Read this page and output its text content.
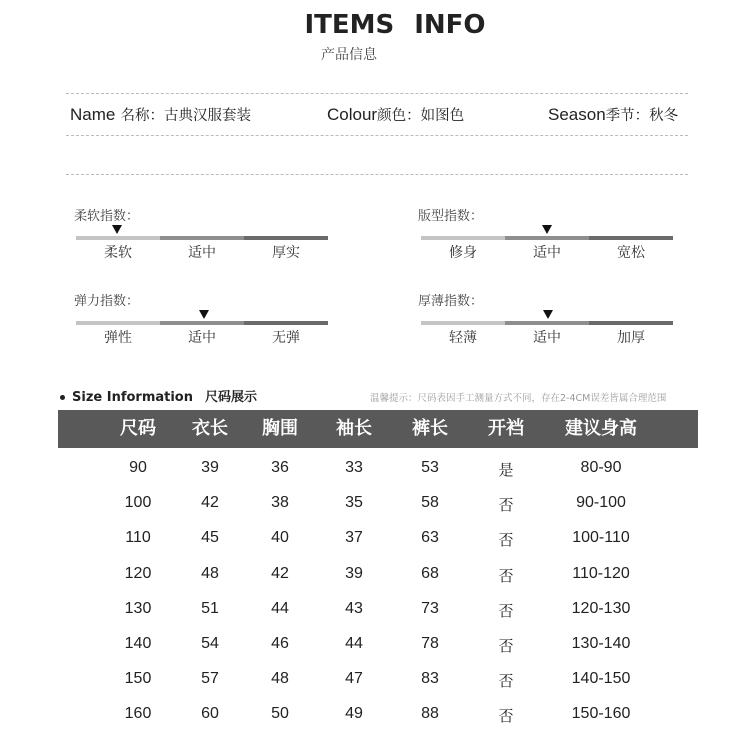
ITEMS INFO
产品信息
Name 名称：古典汉服套装	Colour颜色：如图色	Season季节：秋冬
柔软指数：
柔软	适中	厚实
版型指数：
修身	适中	宽松
弹力指数：
弹性	适中	无弹
厚薄指数：
轻薄	适中	加厚
Size Information 尺码展示	温馨提示：尺码表因手工测量方式不同，存在2-4CM误差皆属合理范围
尺码 衣长 胸围 袖长 裤长 开裆 建议身高
90	39	36	33	53	是	80-90
100	42	38	35	58	否	90-100
110	45	40	37	63	否	100-110
120	48	42	39	68	否	110-120
130	51	44	43	73	否	120-130
140	54	46	44	78	否	130-140
150	57	48	47	83	否	140-150
160	60	50	49	88	否	150-160
